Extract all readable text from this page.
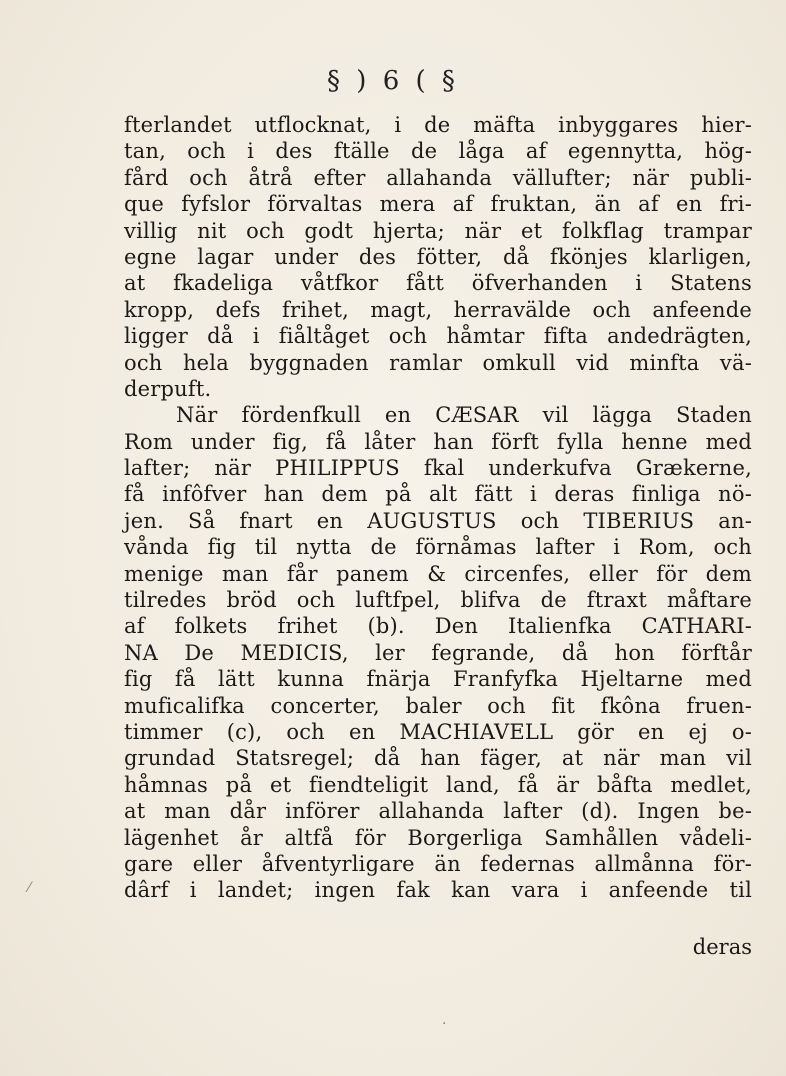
§ ) 6 ( §
fterlandet utflocknat, i de mäfta inbyggares hier-
tan, och i des ftälle de låga af egennytta, hög-
fård och åtrå efter allahanda vällufter; när publi-
que fyfslor förvaltas mera af fruktan, än af en fri-
villig nit och godt hjerta; när et folkflag trampar
egne lagar under des fötter, då fkönjes klarligen,
at fkadeliga våtfkor fått öfverhanden i Statens
kropp, defs frihet, magt, herravälde och anfeende
ligger då i fiåltåget och håmtar fifta andedrägten,
och hela byggnaden ramlar omkull vid minfta vä-
derpuft.
När fördenfkull en CÆSAR vil lägga Staden
Rom under fig, få låter han förft fylla henne med
lafter; när PHILIPPUS fkal underkufva Grækerne,
få infôfver han dem på alt fätt i deras finliga nö-
jen. Så fnart en AUGUSTUS och TIBERIUS an-
vånda fig til nytta de förnåmas lafter i Rom, och
menige man får panem & circenfes, eller för dem
tilredes bröd och luftfpel, blifva de ftraxt måftare
af folkets frihet (b). Den Italienfka CATHARI-
NA De MEDICIS, ler fegrande, då hon förftår
fig få lätt kunna fnärja Franfyfka Hjeltarne med
muficalifka concerter, baler och fit fkôna fruen-
timmer (c), och en MACHIAVELL gör en ej o-
grundad Statsregel; då han fäger, at när man vil
håmnas på et fiendteligit land, få är båfta medlet,
at man dår införer allahanda lafter (d). Ingen be-
lägenhet år altfå för Borgerliga Samhållen vådeli-
gare eller åfventyrligare än federnas allmånna för-
dârf i landet; ingen fak kan vara i anfeende til
deras
⁄
·
